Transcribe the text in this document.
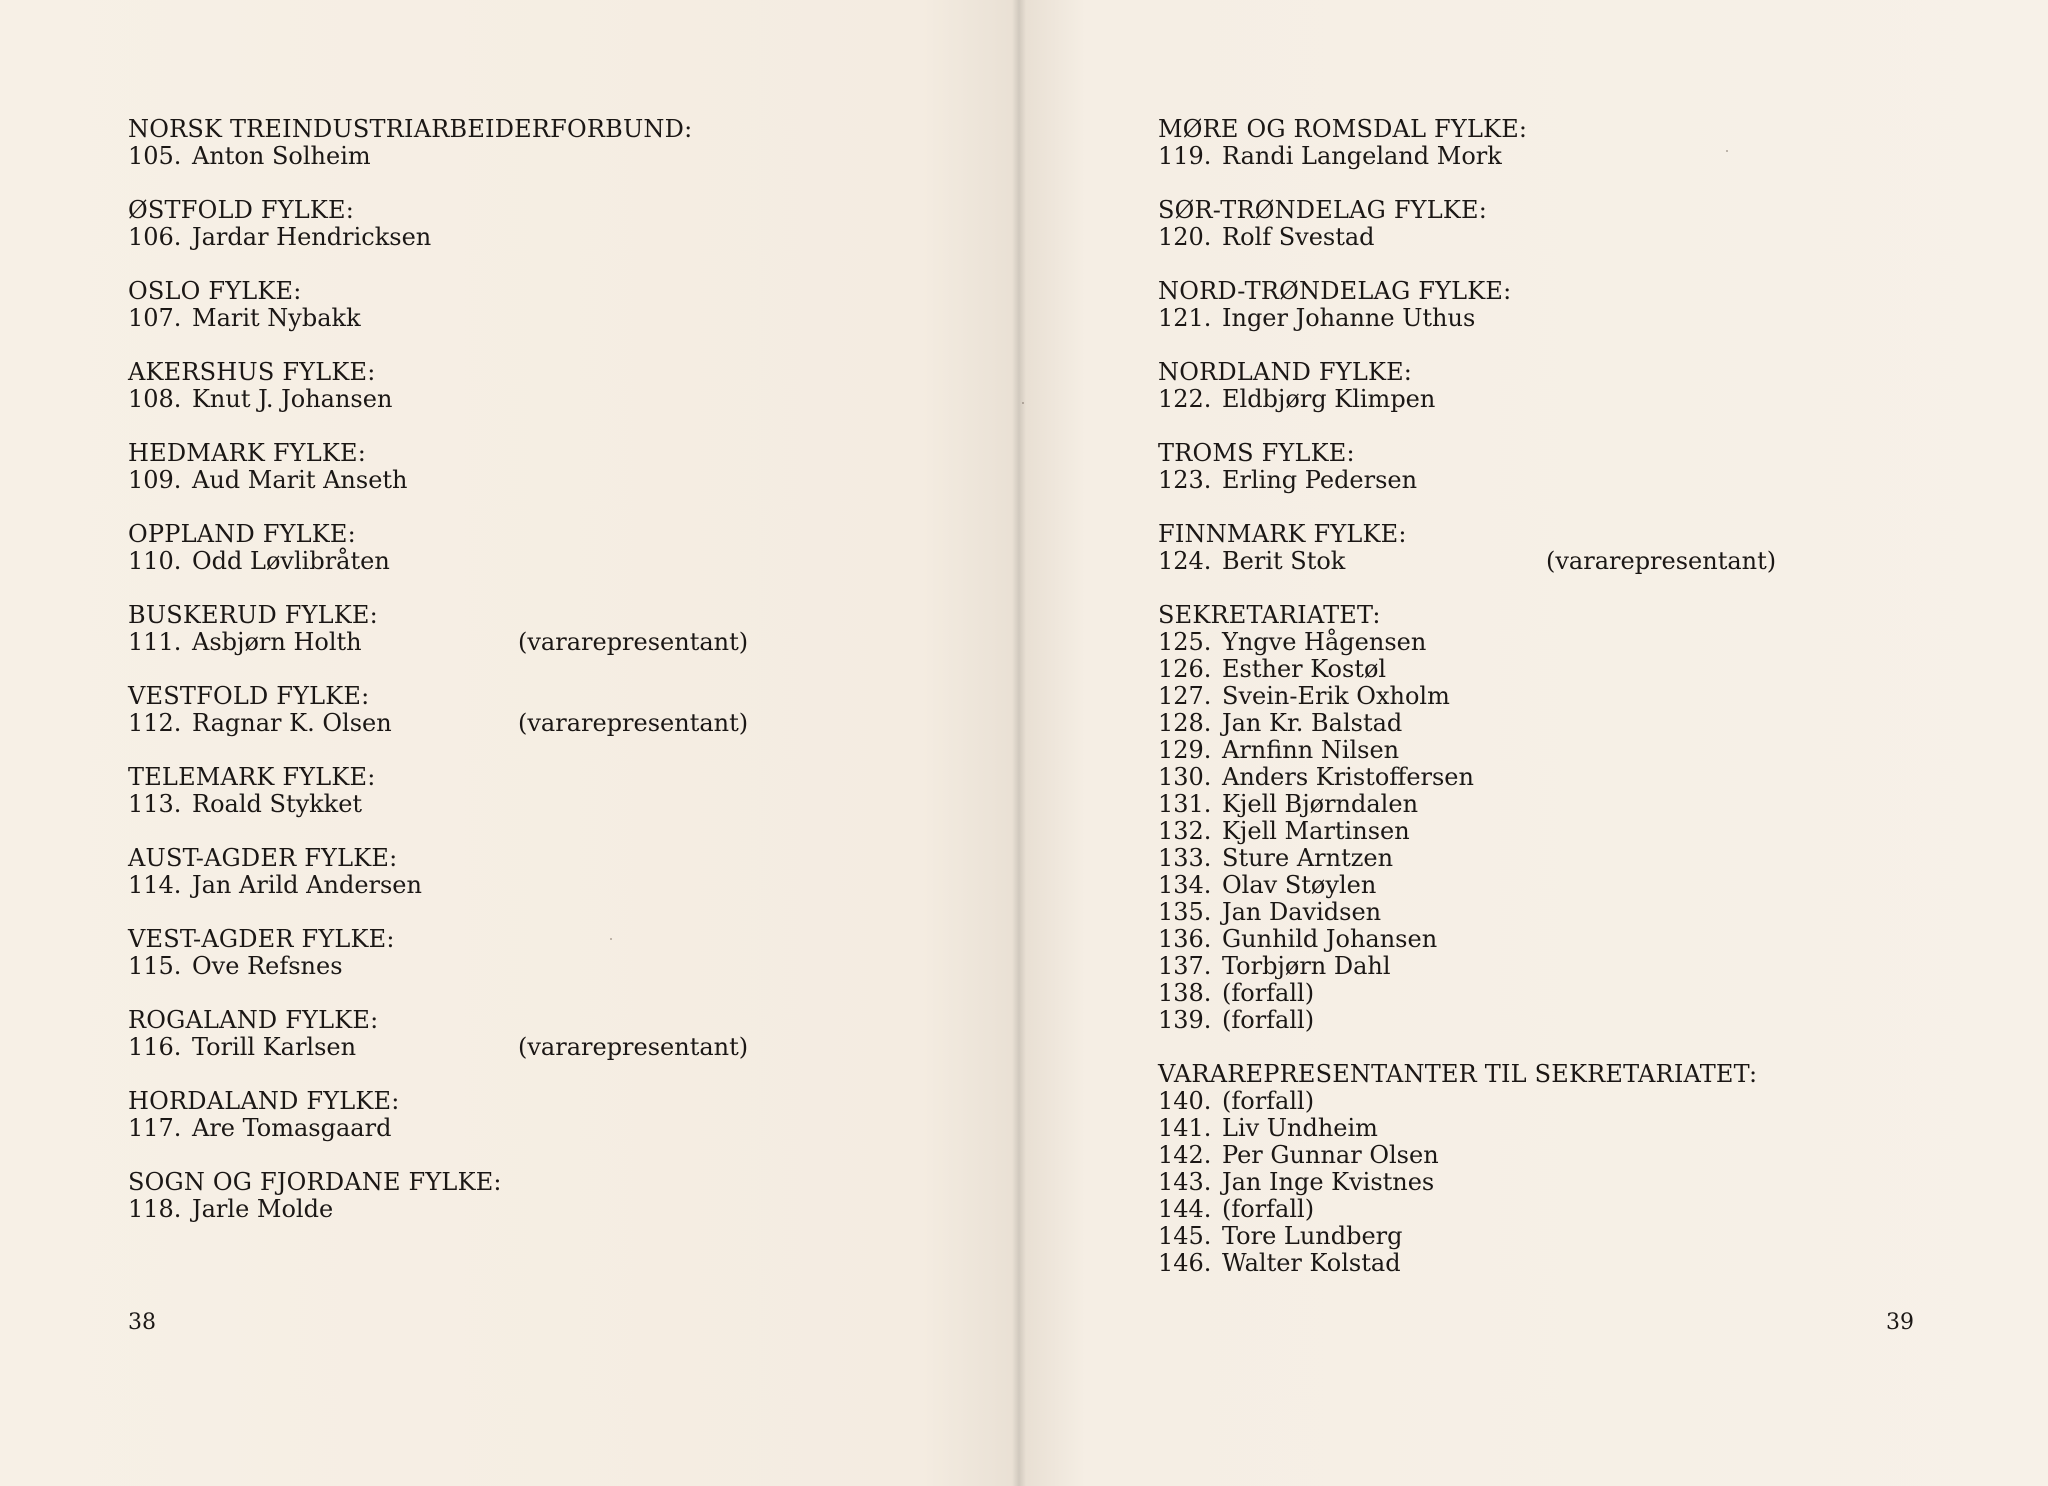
NORSK TREINDUSTRIARBEIDERFORBUND:
105. Anton Solheim
ØSTFOLD FYLKE:
106. Jardar Hendricksen
OSLO FYLKE:
107. Marit Nybakk
AKERSHUS FYLKE:
108. Knut J. Johansen
HEDMARK FYLKE:
109. Aud Marit Anseth
OPPLAND FYLKE:
110. Odd Løvlibråten
BUSKERUD FYLKE:
111. Asbjørn Holth	(vararepresentant)
VESTFOLD FYLKE:
112. Ragnar K. Olsen	(vararepresentant)
TELEMARK FYLKE:
113. Roald Stykket
AUST-AGDER FYLKE:
114. Jan Arild Andersen
VEST-AGDER FYLKE:
115. Ove Refsnes
ROGALAND FYLKE:
116. Torill Karlsen	(vararepresentant)
HORDALAND FYLKE:
117. Are Tomasgaard
SOGN OG FJORDANE FYLKE:
118. Jarle Molde
38
MØRE OG ROMSDAL FYLKE:
119. Randi Langeland Mork
SØR-TRØNDELAG FYLKE:
120. Rolf Svestad
NORD-TRØNDELAG FYLKE:
121. Inger Johanne Uthus
NORDLAND FYLKE:
122. Eldbjørg Klimpen
TROMS FYLKE:
123. Erling Pedersen
FINNMARK FYLKE:
124. Berit Stok	(vararepresentant)
SEKRETARIATET:
125. Yngve Hågensen
126. Esther Kostøl
127. Svein-Erik Oxholm
128. Jan Kr. Balstad
129. Arnfinn Nilsen
130. Anders Kristoffersen
131. Kjell Bjørndalen
132. Kjell Martinsen
133. Sture Arntzen
134. Olav Støylen
135. Jan Davidsen
136. Gunhild Johansen
137. Torbjørn Dahl
138. (forfall)
139. (forfall)
VARAREPRESENTANTER TIL SEKRETARIATET:
140. (forfall)
141. Liv Undheim
142. Per Gunnar Olsen
143. Jan Inge Kvistnes
144. (forfall)
145. Tore Lundberg
146. Walter Kolstad
39
